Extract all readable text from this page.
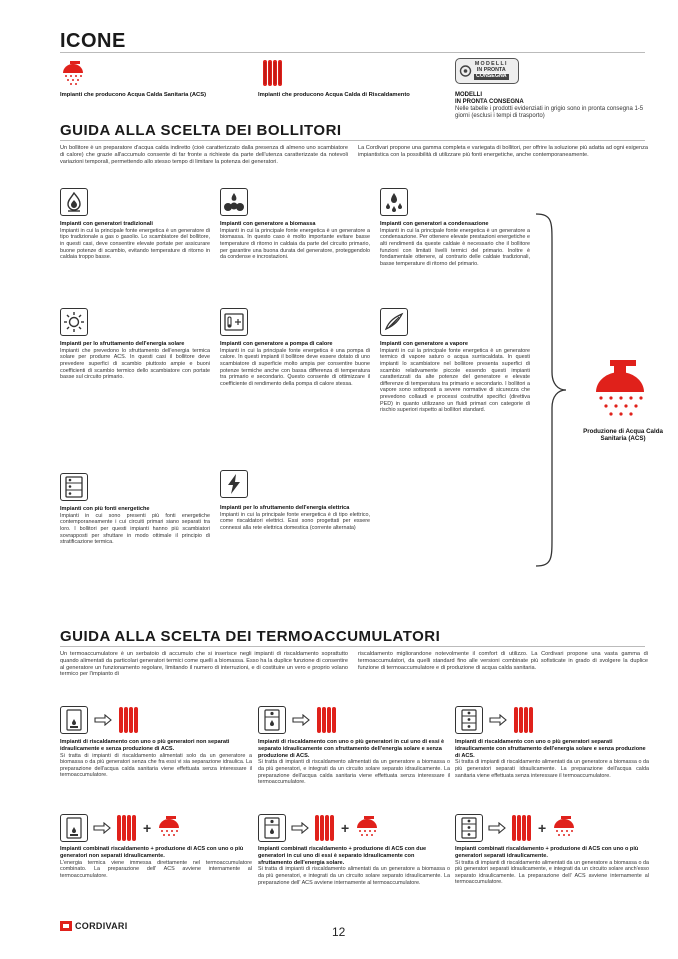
ICONE
Impianti che producono Acqua Calda Sanitaria (ACS)	Impianti che producono Acqua Calda di Riscaldamento
MODELLI
IN PRONTA
CONSEGNA
MODELLI
IN PRONTA CONSEGNA
Nelle tabelle i prodotti evidenziati in grigio sono in pronta consegna 1-5 giorni (esclusi i tempi di trasporto)
GUIDA ALLA SCELTA DEI BOLLITORI
Un bollitore è un preparatore d'acqua calda indiretto (cioè caratterizzato dalla presenza di almeno uno scambiatore di calore) che grazie all'accumulo consente di far fronte a richieste da parte dell'utenza caratterizzate da notevoli variazioni temporali, permettendo allo stesso tempo di limitare la potenza dei generatori.
La Cordivari propone una gamma completa e variegata di bollitori, per offrire la soluzione più adatta ad ogni esigenza impiantistica con la possibilità di utilizzare più fonti energetiche, anche contemporaneamente.
Impianti con generatori tradizionali
Impianti in cui la principale fonte energetica è un generatore di tipo tradizionale a gas o gasolio. Lo scambiatore del bollitore, in questi casi, deve consentire elevate portate per assicurare buone potenze di scambio, evitando temperature di ritorno in caldaia troppo basse.
Impianti con generatore a biomassa
Impianti in cui la principale fonte energetica è un generatore a biomassa. In questo caso è molto importante evitare basse temperature di ritorno in caldaia da parte del circuito primario, per garantire una buona durata del generatore, proteggendolo da condense e incrostazioni.
Impianti con generatori a condensazione
Impianti in cui la principale fonte energetica è un generatore a condensazione. Per ottenere elevate prestazioni energetiche e alti rendimenti da queste caldaie è necessario che il bollitore funzioni con limitati livelli termici del primario. Inoltre è fondamentale ottenere, al contrario delle caldaie tradizionali, basse temperature di ritorno del primario.
Impianti per lo sfruttamento dell'energia solare
Impianti che prevedono lo sfruttamento dell'energia termica solare per produrre ACS. In questi casi il bollitore deve prevedere superfici di scambio piuttosto ampie e buoni coefficienti di scambio termico dello scambiatore con portate basse sul circuito primario.
Impianti con generatore a pompa di calore
Impianti in cui la principale fonte energetica è una pompa di calore. In questi impianti il bollitore deve essere dotato di uno scambiatore di superficie molto ampia per consentire buone potenze termiche anche con bassa differenza di temperatura tra primario e secondario. Questo consente di ottimizzare il coefficiente di rendimento della pompa di calore stessa.
Impianti con generatore a vapore
Impianti in cui la principale fonte energetica è un generatore termico di vapore saturo o acqua surriscaldata. In questi impianti lo scambiatore nel bollitore presenta superfici di scambio relativamente piccole essendo questi impianti caratterizzati da alte potenze del generatore e elevate differenze di temperatura tra primario e secondario. I bollitori a vapore sono sottoposti a severe normative di sicurezza che prevedono collaudi e processi costruttivi specifici (direttiva PED) in quanto utilizzano un fluidi primari con categorie di rischio superiori rispetto ai bollitori standard.
Impianti con più fonti energetiche
Impianti in cui sono presenti più fonti energetiche contemporaneamente i cui circuiti primari siano separati tra loro. I bollitori per questi impianti hanno più scambiatori sovrapposti per sfruttare in modo ottimale il principio di stratificazione termica.
Impianti per lo sfruttamento dell'energia elettrica
Impianti in cui la principale fonte energetica è di tipo elettrico, come riscaldatori elettrici. Essi sono progettati per essere connessi alla rete elettrica domestica (corrente alternata)
Produzione di Acqua Calda Sanitaria (ACS)
GUIDA ALLA SCELTA DEI TERMOACCUMULATORI
Un termoaccumulatore è un serbatoio di accumulo che si inserisce negli impianti di riscaldamento soprattutto quando alimentati da particolari generatori termici come quelli a biomassa. Esso ha la duplice funzione di consentire al generatore un funzionamento regolare, limitando il numero di interruzioni, e di costituire un vero e proprio volano termico per l'impianto di
riscaldamento migliorandone notevolmente il comfort di utilizzo. La Cordivari propone una vasta gamma di termoaccumulatori, da quelli standard fino alle versioni combinate più sofisticate in grado di svolgere la duplice funzione di termoaccumulatore e di produzione di acqua calda sanitaria.
Impianti di riscaldamento con uno o più generatori non separati idraulicamente e senza produzione di ACS.
Si tratta di impianti di riscaldamento alimentati solo da un generatore a biomassa o da più generatori senza che fra essi vi sia separazione idraulica. La preparazione dell'acqua calda sanitaria viene effettuata senza interessare il termoaccumulatore.
Impianti di riscaldamento con uno o più generatori in cui uno di essi è separato idraulicamente con sfruttamento dell'energia solare e senza produzione di ACS.
Si tratta di impianti di riscaldamento alimentati da un generatore a biomassa o da più generatori, e integrati da un circuito solare separato idraulicamente. La preparazione dell'acqua calda sanitaria viene effettuata senza interessare il termoaccumulatore.
Impianti di riscaldamento con uno o più generatori separati idraulicamente con sfruttamento dell'energia solare e senza produzione di ACS.
Si tratta di impianti di riscaldamento alimentati da un generatore a biomassa o da più generatori separati idraulicamente. La preparazione dell'acqua calda sanitaria viene effettuata senza interessare il termoaccumulatore.
+	+	+
Impianti combinati riscaldamento + produzione di ACS con uno o più generatori non separati idraulicamente.
L'energia termica viene immessa direttamente nel termoaccumulatore combinato. La preparazione dell' ACS avviene internamente al termoaccumulatore.
Impianti combinati riscaldamento + produzione di ACS con due generatori in cui uno di essi è separato idraulicamente con sfruttamento dell'energia solare.
Si tratta di impianti di riscaldamento alimentati da un generatore a biomassa o da più generatori, e integrati da un circuito solare separato idraulicamente. La preparazione dell' ACS avviene internamente al termoaccumulatore.
Impianti combinati riscaldamento + produzione di ACS con uno o più generatori separati idraulicamente.
Si tratta di impianti di riscaldamento alimentati da un generatore a biomassa o da più generatori separati idraulicamente, e integrati da un circuito solare anch'esso separato idraulicamente. La preparazione dell' ACS avviene internamente al termoaccumulatore.
CORDIVARI	12
